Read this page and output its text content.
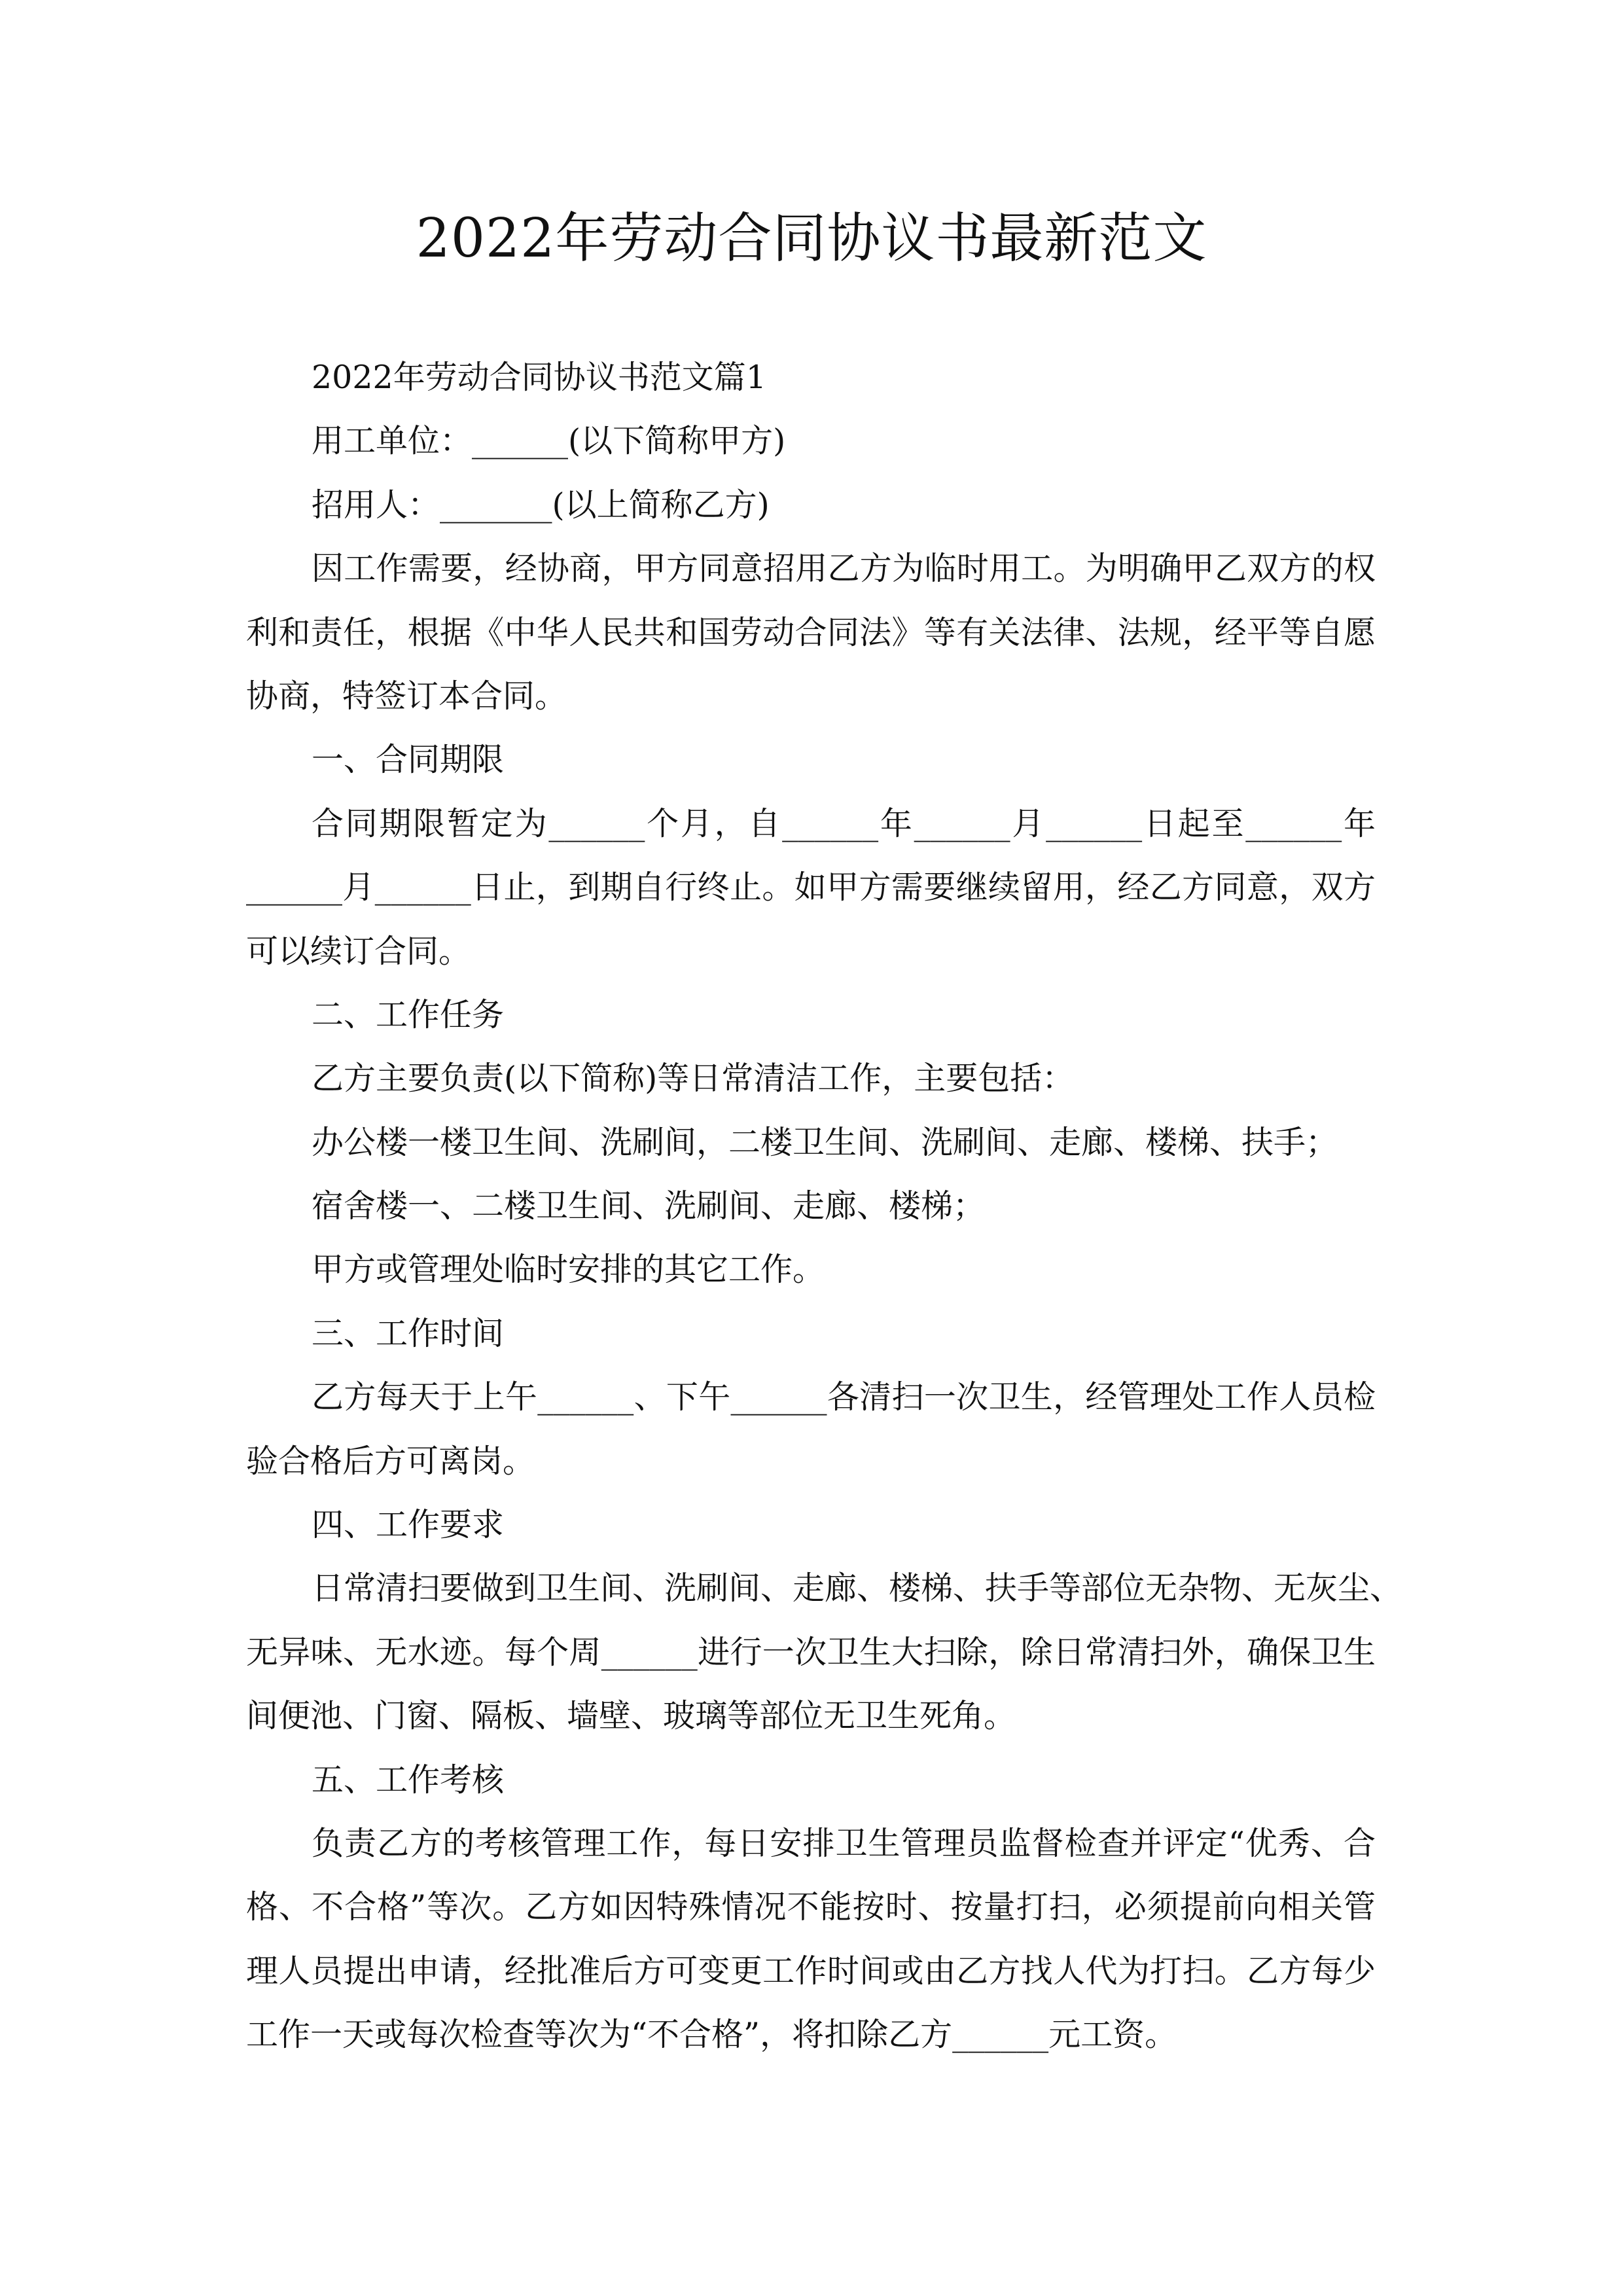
2022年劳动合同协议书最新范文
2022年劳动合同协议书范文篇1
用工单位：______(以下简称甲方)
招用人：_______(以上简称乙方)
因工作需要，经协商，甲方同意招用乙方为临时用工。为明确甲乙双方的权
利和责任，根据《中华人民共和国劳动合同法》等有关法律、法规，经平等自愿
协商，特签订本合同。
一、合同期限
合同期限暂定为______个月，自______年______月______日起至______年
______月______日止，到期自行终止。如甲方需要继续留用，经乙方同意，双方
可以续订合同。
二、工作任务
乙方主要负责(以下简称)等日常清洁工作，主要包括：
办公楼一楼卫生间、洗刷间，二楼卫生间、洗刷间、走廊、楼梯、扶手；
宿舍楼一、二楼卫生间、洗刷间、走廊、楼梯；
甲方或管理处临时安排的其它工作。
三、工作时间
乙方每天于上午______、下午______各清扫一次卫生，经管理处工作人员检
验合格后方可离岗。
四、工作要求
日常清扫要做到卫生间、洗刷间、走廊、楼梯、扶手等部位无杂物、无灰尘、
无异味、无水迹。每个周______进行一次卫生大扫除，除日常清扫外，确保卫生
间便池、门窗、隔板、墙壁、玻璃等部位无卫生死角。
五、工作考核
负责乙方的考核管理工作，每日安排卫生管理员监督检查并评定“优秀、合
格、不合格”等次。乙方如因特殊情况不能按时、按量打扫，必须提前向相关管
理人员提出申请，经批准后方可变更工作时间或由乙方找人代为打扫。乙方每少
工作一天或每次检查等次为“不合格”，将扣除乙方______元工资。
